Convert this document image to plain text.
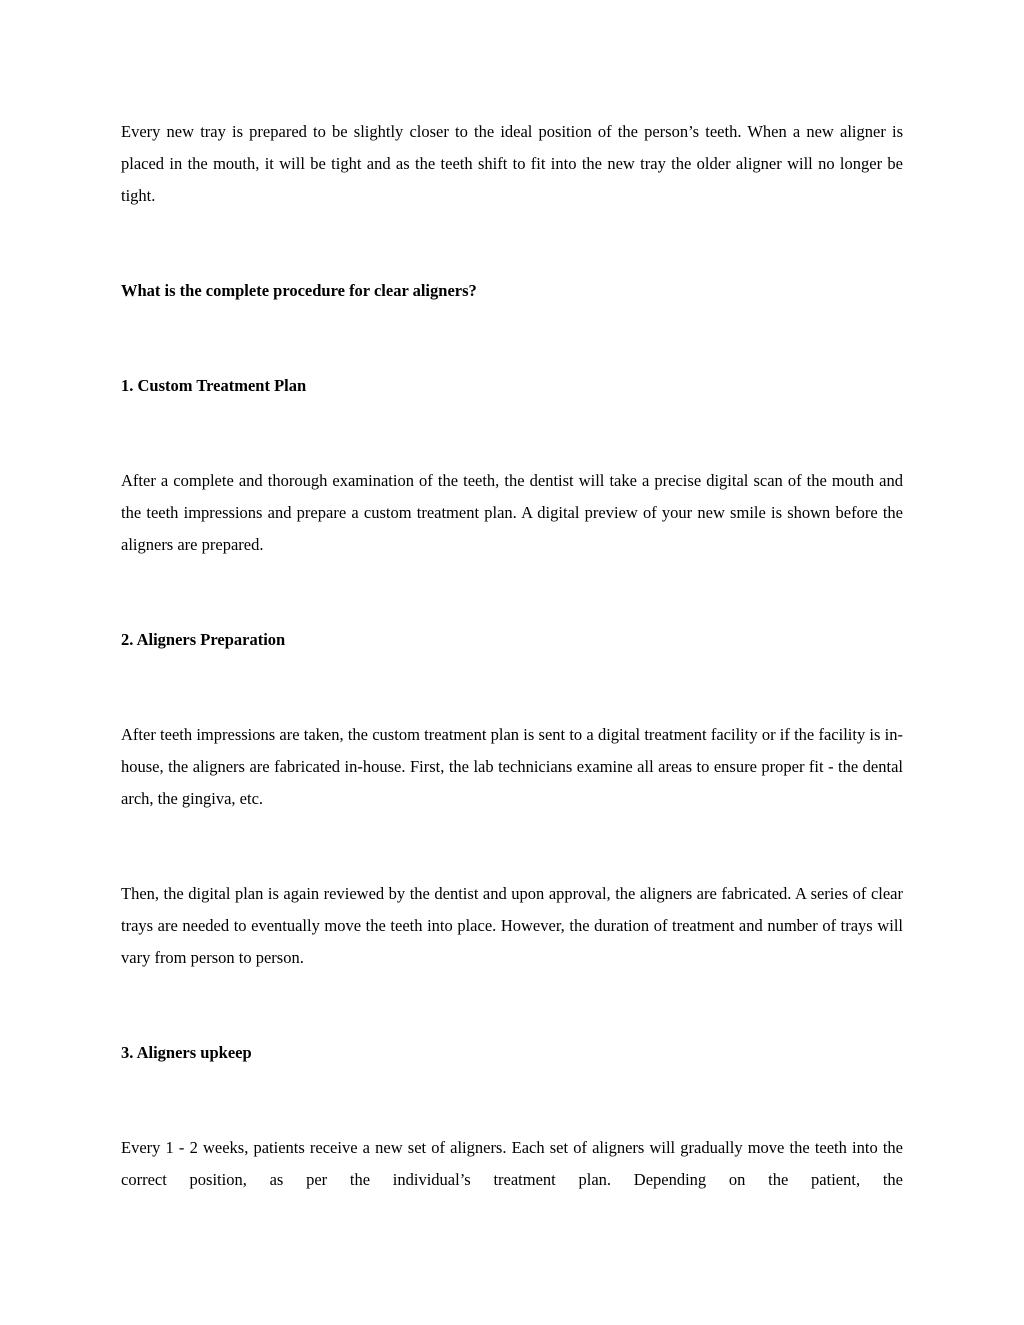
Every new tray is prepared to be slightly closer to the ideal position of the person’s teeth. When a new aligner is placed in the mouth, it will be tight and as the teeth shift to fit into the new tray the older aligner will no longer be tight.

What is the complete procedure for clear aligners?

1. Custom Treatment Plan

After a complete and thorough examination of the teeth, the dentist will take a precise digital scan of the mouth and the teeth impressions and prepare a custom treatment plan. A digital preview of your new smile is shown before the aligners are prepared.

2. Aligners Preparation

After teeth impressions are taken, the custom treatment plan is sent to a digital treatment facility or if the facility is in-house, the aligners are fabricated in-house. First, the lab technicians examine all areas to ensure proper fit - the dental arch, the gingiva, etc.

Then, the digital plan is again reviewed by the dentist and upon approval, the aligners are fabricated. A series of clear trays are needed to eventually move the teeth into place. However, the duration of treatment and number of trays will vary from person to person.

3. Aligners upkeep

Every 1 - 2 weeks, patients receive a new set of aligners. Each set of aligners will gradually move the teeth into the correct position, as per the individual’s treatment plan. Depending on the patient, the
